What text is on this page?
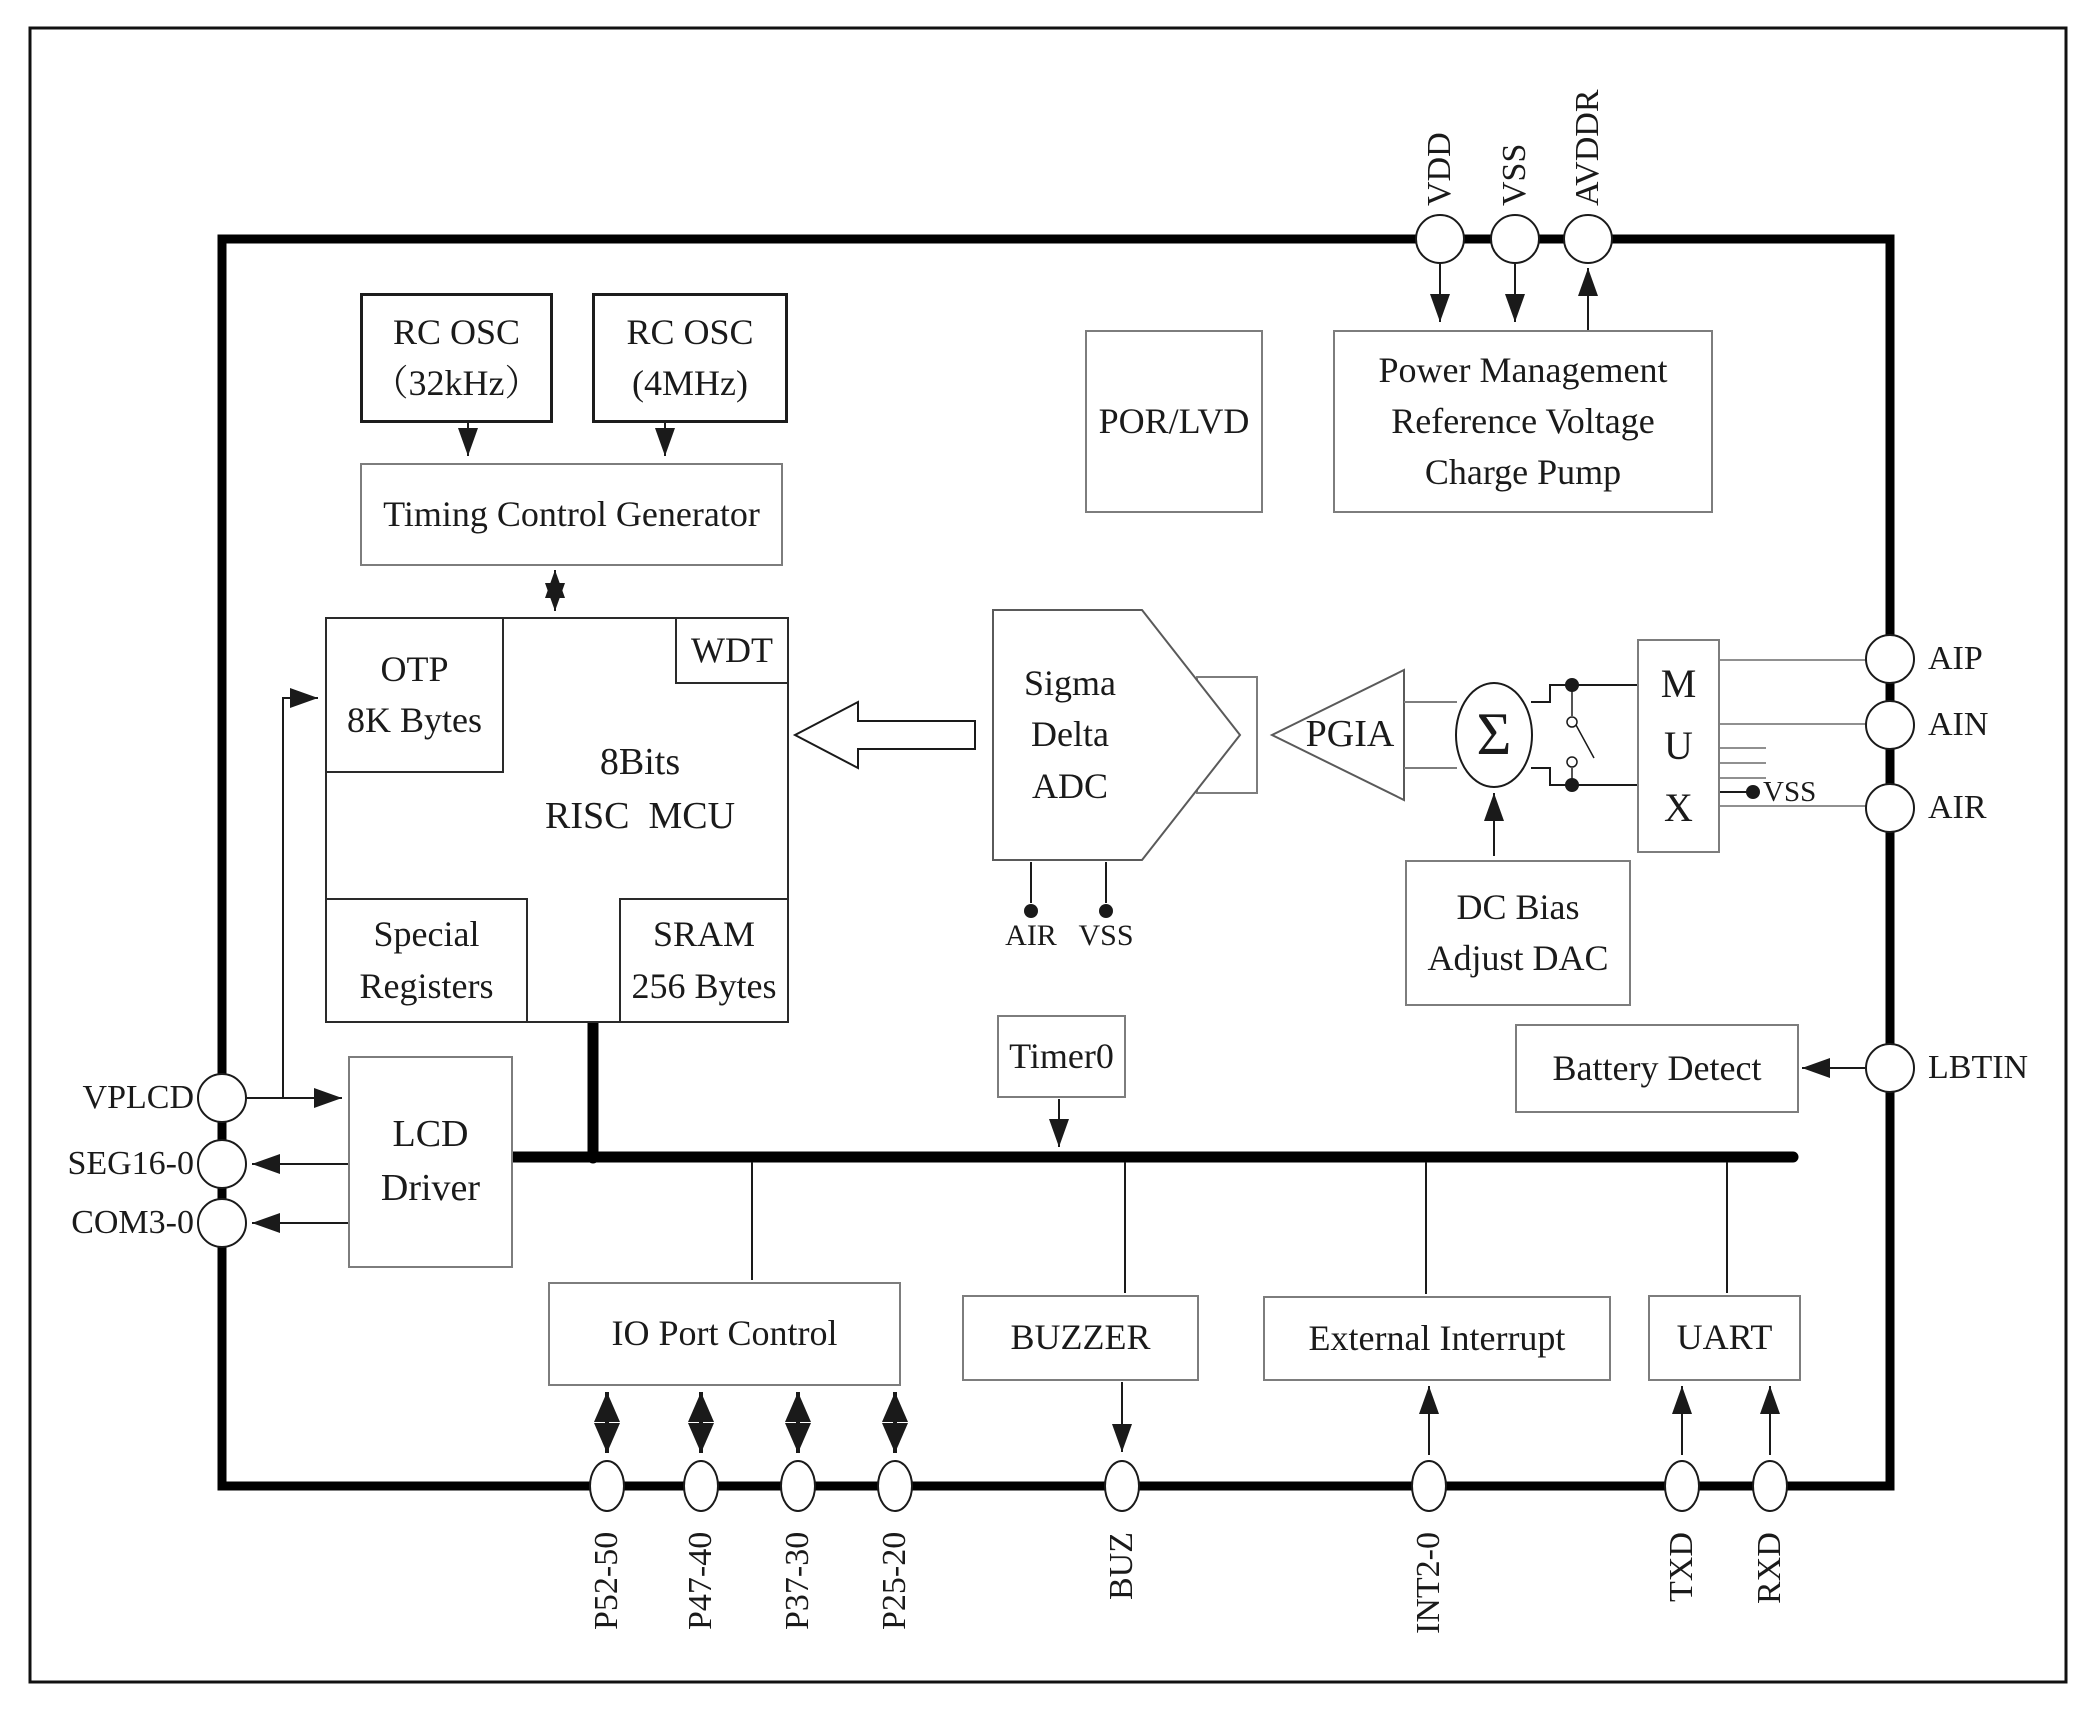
RC OSC
（32kHz）
RC OSC
(4MHz)
Timing Control Generator
POR/LVD
Power Management
Reference Voltage
Charge Pump
OTP
8K Bytes
WDT
Special
Registers
SRAM
256 Bytes
8Bits
RISC  MCU
Sigma
Delta
ADC
PGIA Σ
M
U
X
DC Bias
Adjust DAC
Timer0	Battery Detect
LCD
Driver
IO Port Control	BUZZER	External Interrupt	UART
VDD VSS AVDDR
AIP
AIN
AIR
LBTIN
VPLCD
SEG16-0
COM3-0
P52-50 P47-40 P37-30 P25-20	BUZ	INT2-0	TXD RXD
AIR VSS
VSS
